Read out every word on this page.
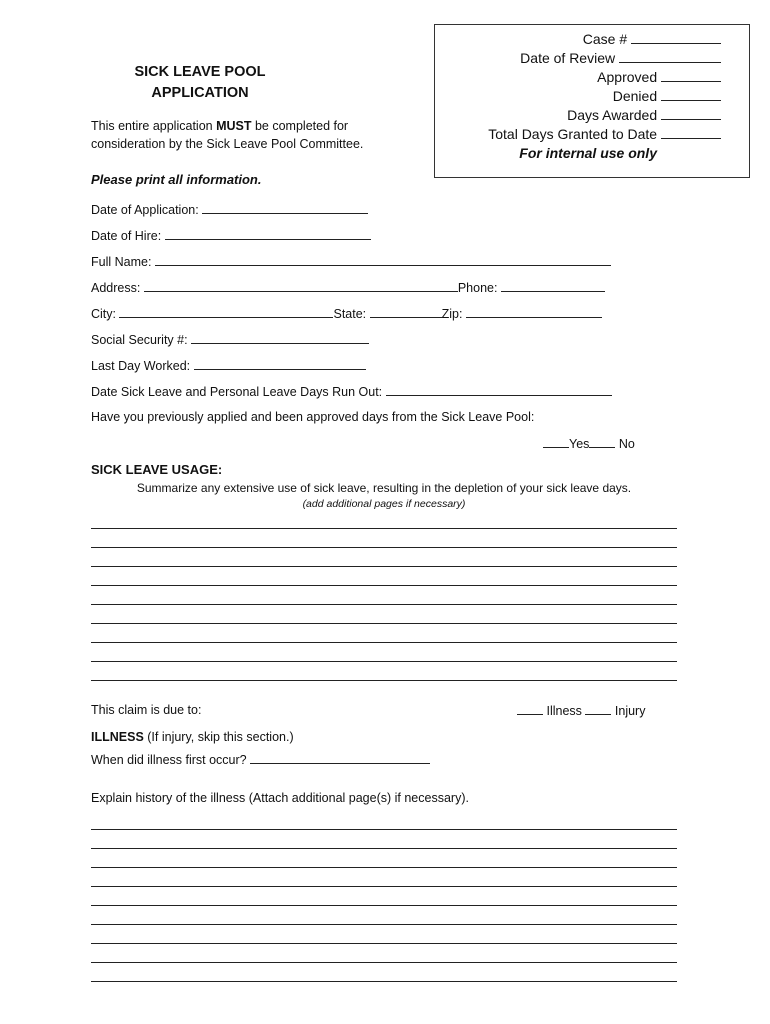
Case #
Date of Review
Approved
Denied
Days Awarded
Total Days Granted to Date
For internal use only
SICK LEAVE POOL
APPLICATION
This entire application MUST be completed for
consideration by the Sick Leave Pool Committee.
Please print all information.
Date of Application:
Date of Hire:
Full Name:
Address:	Phone:
City:	State:	Zip:
Social Security #:
Last Day Worked:
Date Sick Leave and Personal Leave Days Run Out:
Have you previously applied and been approved days from the Sick Leave Pool:
Yes No
SICK LEAVE USAGE:
Summarize any extensive use of sick leave, resulting in the depletion of your sick leave days.
(add additional pages if necessary)
This claim is due to:	Illness	Injury
ILLNESS (If injury, skip this section.)
When did illness first occur?
Explain history of the illness (Attach additional page(s) if necessary).
